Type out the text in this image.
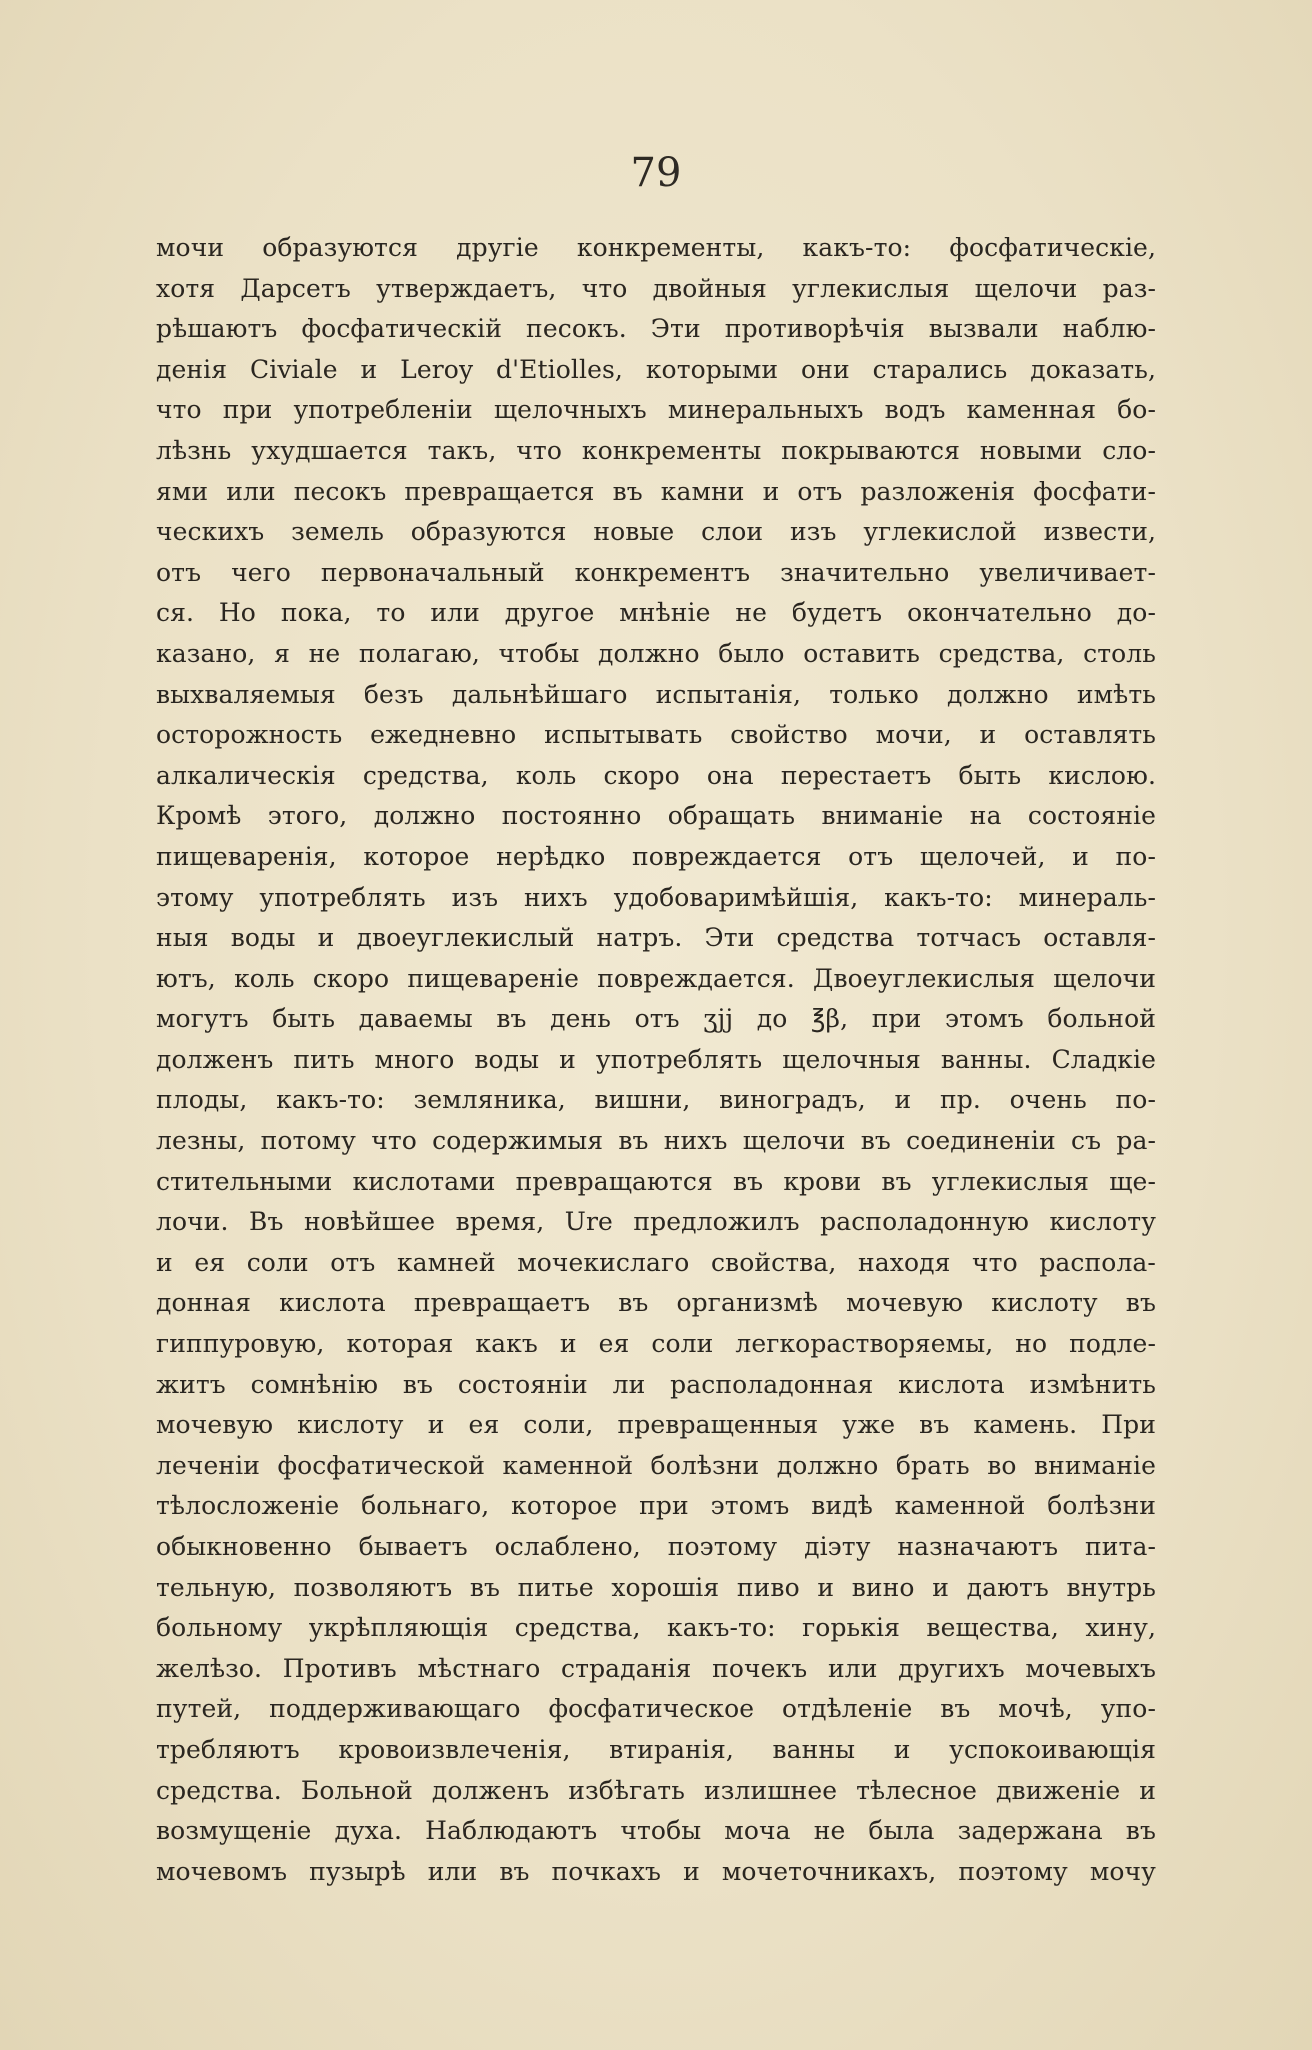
79
мочи образуются другіе конкременты, какъ-то: фосфатическіе,
хотя Дарсетъ утверждаетъ, что двойныя углекислыя щелочи раз-
рѣшаютъ фосфатическій песокъ. Эти противорѣчія вызвали наблю-
денія Civiale и Leroy d'Etiolles, которыми они старались доказать,
что при употребленіи щелочныхъ минеральныхъ водъ каменная бо-
лѣзнь ухудшается такъ, что конкременты покрываются новыми сло-
ями или песокъ превращается въ камни и отъ разложенія фосфати-
ческихъ земель образуются новые слои изъ углекислой извести,
отъ чего первоначальный конкрементъ значительно увеличивает-
ся. Но пока, то или другое мнѣніе не будетъ окончательно до-
казано, я не полагаю, чтобы должно было оставить средства, столь
выхваляемыя безъ дальнѣйшаго испытанія, только должно имѣть
осторожность ежедневно испытывать свойство мочи, и оставлять
алкалическія средства, коль скоро она перестаетъ быть кислою.
Кромѣ этого, должно постоянно обращать вниманіе на состояніе
пищеваренія, которое нерѣдко повреждается отъ щелочей, и по-
этому употреблять изъ нихъ удобоваримѣйшія, какъ-то: минераль-
ныя воды и двоеуглекислый натръ. Эти средства тотчасъ оставля-
ютъ, коль скоро пищевареніе повреждается. Двоеуглекислыя щелочи
могутъ быть даваемы въ день отъ ʒjj до ℥β, при этомъ больной
долженъ пить много воды и употреблять щелочныя ванны. Сладкіе
плоды, какъ-то: земляника, вишни, виноградъ, и пр. очень по-
лезны, потому что содержимыя въ нихъ щелочи въ соединеніи съ ра-
стительными кислотами превращаются въ крови въ углекислыя ще-
лочи. Въ новѣйшее время, Ure предложилъ располадонную кислоту
и ея соли отъ камней мочекислаго свойства, находя что располa-
донная кислота превращаетъ въ организмѣ мочевую кислоту въ
гиппуровую, которая какъ и ея соли легкорастворяемы, но подле-
житъ сомнѣнію въ состояніи ли располадонная кислота измѣнить
мочевую кислоту и ея соли, превращенныя уже въ камень. При
леченіи фосфатической каменной болѣзни должно брать во вниманіе
тѣлосложеніе больнаго, которое при этомъ видѣ каменной болѣзни
обыкновенно бываетъ ослаблено, поэтому діэту назначаютъ пита-
тельную, позволяютъ въ питье хорошія пиво и вино и даютъ внутрь
больному укрѣпляющія средства, какъ-то: горькія вещества, хину,
желѣзо. Противъ мѣстнаго страданія почекъ или другихъ мочевыхъ
путей, поддерживающаго фосфатическое отдѣленіе въ мочѣ, упо-
требляютъ кровоизвлеченія, втиранія, ванны и успокоивающія
средства. Больной долженъ избѣгать излишнее тѣлесное движеніе и
возмущеніе духа. Наблюдаютъ чтобы моча не была задержана въ
мочевомъ пузырѣ или въ почкахъ и мочеточникахъ, поэтому мочу
